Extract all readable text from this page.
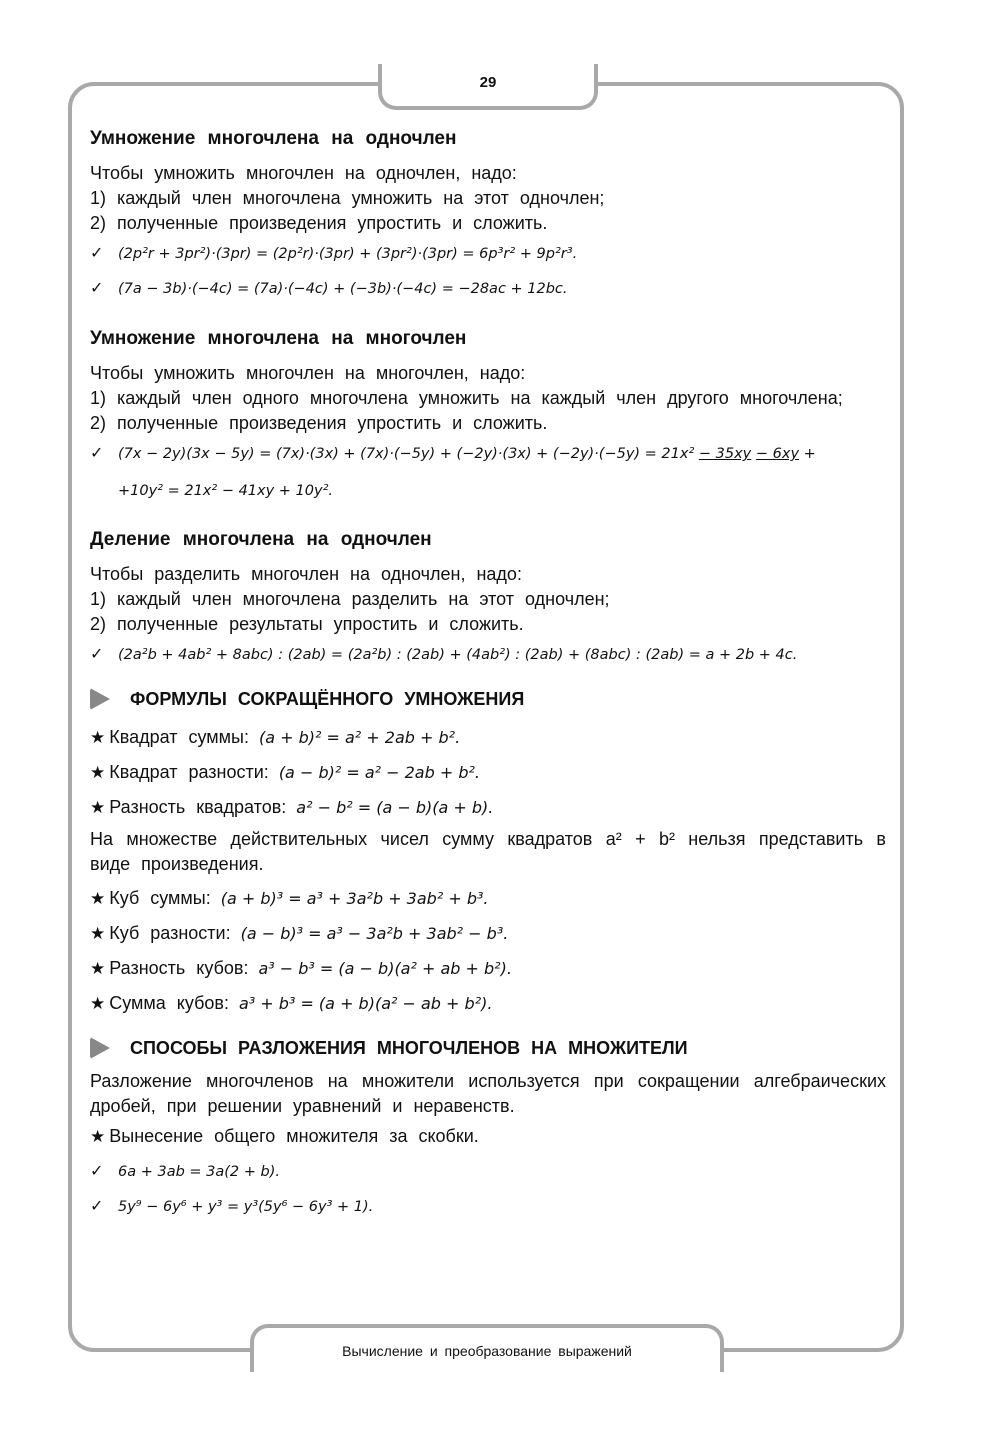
29
Умножение многочлена на одночлен
Чтобы умножить многочлен на одночлен, надо:
1) каждый член многочлена умножить на этот одночлен;
2) полученные произведения упростить и сложить.
✓ (2p²r + 3pr²)·(3pr) = (2p²r)·(3pr) + (3pr²)·(3pr) = 6p³r² + 9p²r³.
✓ (7a − 3b)·(−4c) = (7a)·(−4c) + (−3b)·(−4c) = −28ac + 12bc.
Умножение многочлена на многочлен
Чтобы умножить многочлен на многочлен, надо:
1) каждый член одного многочлена умножить на каждый член другого многочлена;
2) полученные произведения упростить и сложить.
✓ (7x − 2y)(3x − 5y) = (7x)·(3x) + (7x)·(−5y) + (−2y)·(3x) + (−2y)·(−5y) = 21x² − 35xy − 6xy +
+10y² = 21x² − 41xy + 10y².
Деление многочлена на одночлен
Чтобы разделить многочлен на одночлен, надо:
1) каждый член многочлена разделить на этот одночлен;
2) полученные результаты упростить и сложить.
✓ (2a²b + 4ab² + 8abc) : (2ab) = (2a²b) : (2ab) + (4ab²) : (2ab) + (8abc) : (2ab) = a + 2b + 4c.
ФОРМУЛЫ СОКРАЩЁННОГО УМНОЖЕНИЯ
★ Квадрат суммы: (a + b)² = a² + 2ab + b².
★ Квадрат разности: (a − b)² = a² − 2ab + b².
★ Разность квадратов: a² − b² = (a − b)(a + b).
На множестве действительных чисел сумму квадратов a² + b² нельзя представить в виде произведения.
★ Куб суммы: (a + b)³ = a³ + 3a²b + 3ab² + b³.
★ Куб разности: (a − b)³ = a³ − 3a²b + 3ab² − b³.
★ Разность кубов: a³ − b³ = (a − b)(a² + ab + b²).
★ Сумма кубов: a³ + b³ = (a + b)(a² − ab + b²).
СПОСОБЫ РАЗЛОЖЕНИЯ МНОГОЧЛЕНОВ НА МНОЖИТЕЛИ
Разложение многочленов на множители используется при сокращении алгебраических дробей, при решении уравнений и неравенств.
★ Вынесение общего множителя за скобки.
✓ 6a + 3ab = 3a(2 + b).
✓ 5y⁹ − 6y⁶ + y³ = y³(5y⁶ − 6y³ + 1).
Вычисление и преобразование выражений
